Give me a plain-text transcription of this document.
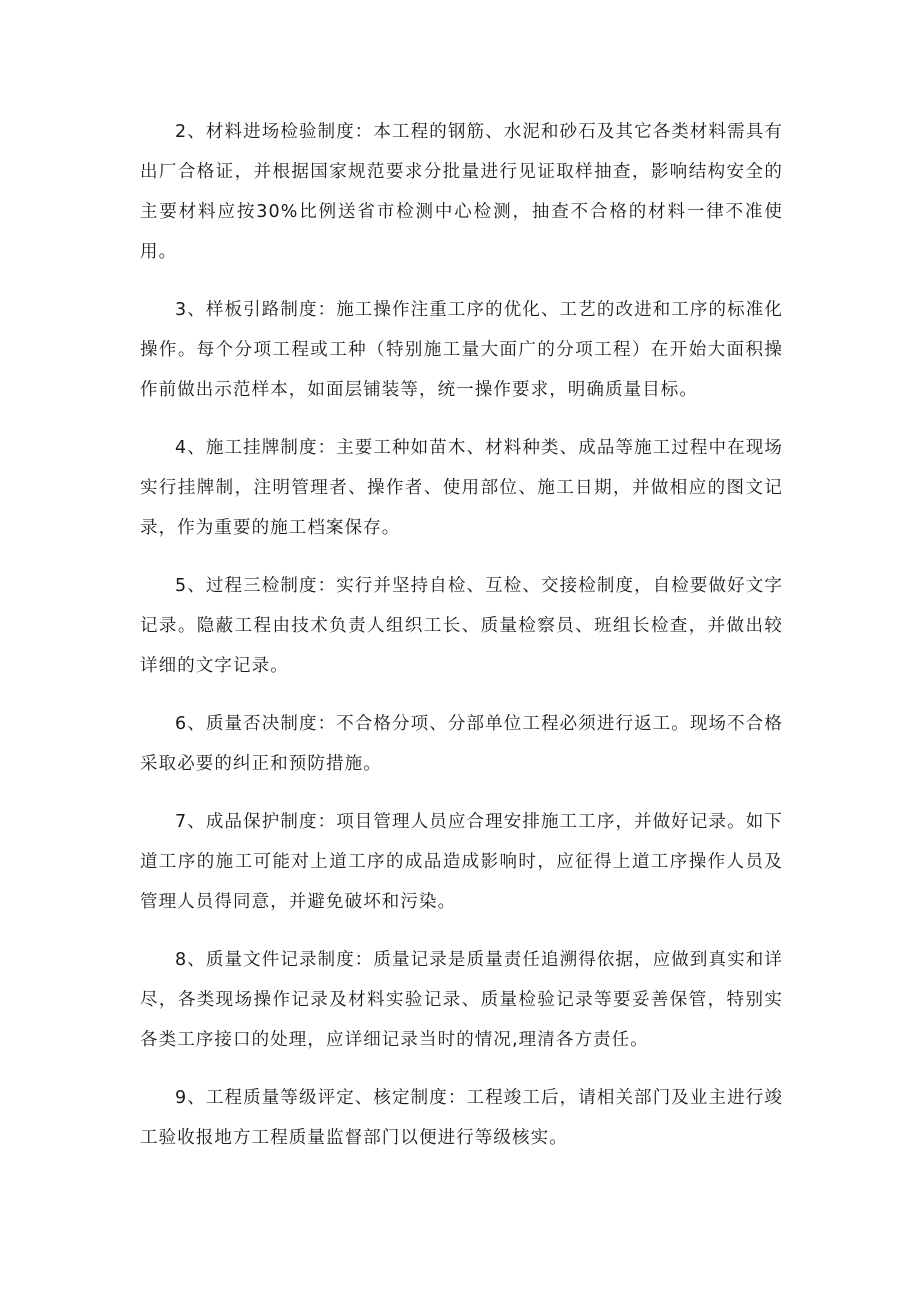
2、材料进场检验制度：本工程的钢筋、水泥和砂石及其它各类材料需具有出厂合格证，并根据国家规范要求分批量进行见证取样抽查，影响结构安全的主要材料应按30%比例送省市检测中心检测，抽查不合格的材料一律不准使用。

3、样板引路制度：施工操作注重工序的优化、工艺的改进和工序的标准化操作。每个分项工程或工种（特别施工量大面广的分项工程）在开始大面积操作前做出示范样本，如面层铺装等，统一操作要求，明确质量目标。

4、施工挂牌制度：主要工种如苗木、材料种类、成品等施工过程中在现场实行挂牌制，注明管理者、操作者、使用部位、施工日期，并做相应的图文记录，作为重要的施工档案保存。

5、过程三检制度：实行并坚持自检、互检、交接检制度，自检要做好文字记录。隐蔽工程由技术负责人组织工长、质量检察员、班组长检查，并做出较详细的文字记录。

6、质量否决制度：不合格分项、分部单位工程必须进行返工。现场不合格采取必要的纠正和预防措施。

7、成品保护制度：项目管理人员应合理安排施工工序，并做好记录。如下道工序的施工可能对上道工序的成品造成影响时，应征得上道工序操作人员及管理人员得同意，并避免破坏和污染。

8、质量文件记录制度：质量记录是质量责任追溯得依据，应做到真实和详尽，各类现场操作记录及材料实验记录、质量检验记录等要妥善保管，特别实各类工序接口的处理，应详细记录当时的情况,理清各方责任。

9、工程质量等级评定、核定制度：工程竣工后，请相关部门及业主进行竣工验收报地方工程质量监督部门以便进行等级核实。
